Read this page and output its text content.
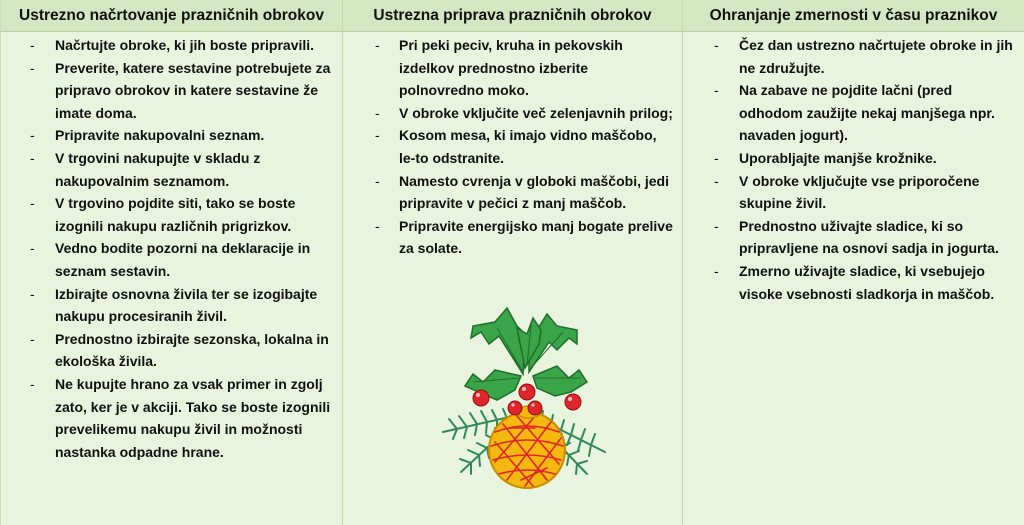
Ustrezno načrtovanje prazničnih obrokov	Ustrezna priprava prazničnih obrokov	Ohranjanje zmernosti v času praznikov
- Načrtujte obroke, ki jih boste pripravili.
- Preverite, katere sestavine potrebujete za pripravo obrokov in katere sestavine že imate doma.
- Pripravite nakupovalni seznam.
- V trgovini nakupujte v skladu z nakupovalnim seznamom.
- V trgovino pojdite siti, tako se boste izognili nakupu različnih prigrizkov.
- Vedno bodite pozorni na deklaracije in seznam sestavin.
- Izbirajte osnovna živila ter se izogibajte nakupu procesiranih živil.
- Prednostno izbirajte sezonska, lokalna in ekološka živila.
- Ne kupujte hrano za vsak primer in zgolj zato, ker je v akciji. Tako se boste izognili prevelikemu nakupu živil in možnosti nastanka odpadne hrane.
- Pri peki peciv, kruha in pekovskih izdelkov prednostno izberite polnovredno moko.
- V obroke vključite več zelenjavnih prilog;
- Kosom mesa, ki imajo vidno maščobo, le-to odstranite.
- Namesto cvrenja v globoki maščobi, jedi pripravite v pečici z manj maščob.
- Pripravite energijsko manj bogate prelive za solate.
- Čez dan ustrezno načrtujete obroke in jih ne združujte.
- Na zabave ne pojdite lačni (pred odhodom zaužijte nekaj manjšega npr. navaden jogurt).
- Uporabljajte manjše krožnike.
- V obroke vključujte vse priporočene skupine živil.
- Prednostno uživajte sladice, ki so pripravljene na osnovi sadja in jogurta.
- Zmerno uživajte sladice, ki vsebujejo visoke vsebnosti sladkorja in maščob.
